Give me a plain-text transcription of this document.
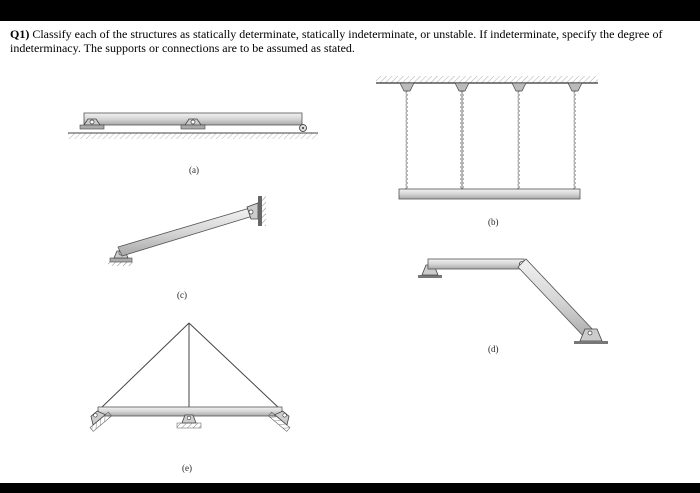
Q1) Classify each of the structures as statically determinate, statically indeterminate, or unstable. If indeterminate, specify the degree of indeterminacy. The supports or connections are to be assumed as stated.
(a)
(b)
(c)
(d)
(e)
